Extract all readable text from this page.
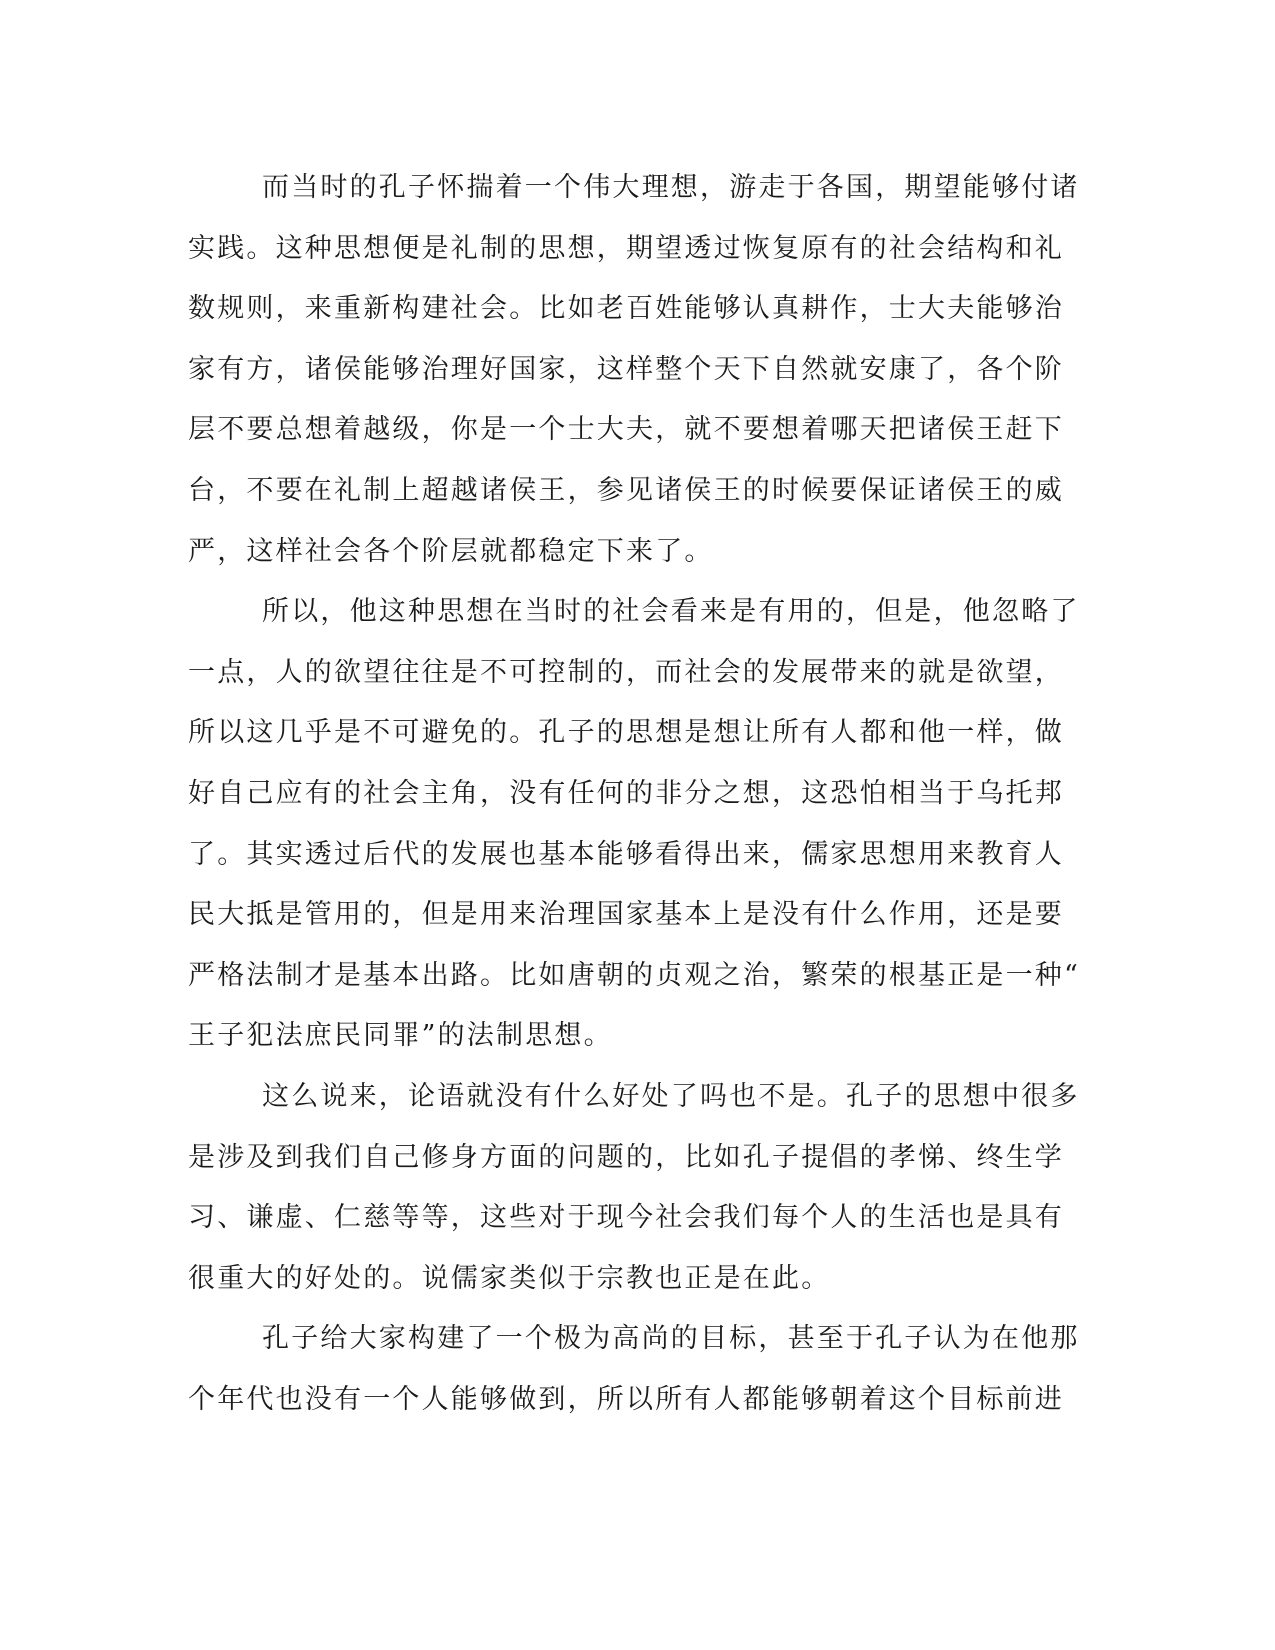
而当时的孔子怀揣着一个伟大理想，游走于各国，期望能够付诸
实践。这种思想便是礼制的思想，期望透过恢复原有的社会结构和礼
数规则，来重新构建社会。比如老百姓能够认真耕作，士大夫能够治
家有方，诸侯能够治理好国家，这样整个天下自然就安康了，各个阶
层不要总想着越级，你是一个士大夫，就不要想着哪天把诸侯王赶下
台，不要在礼制上超越诸侯王，参见诸侯王的时候要保证诸侯王的威
严，这样社会各个阶层就都稳定下来了。
所以，他这种思想在当时的社会看来是有用的，但是，他忽略了
一点，人的欲望往往是不可控制的，而社会的发展带来的就是欲望，
所以这几乎是不可避免的。孔子的思想是想让所有人都和他一样，做
好自己应有的社会主角，没有任何的非分之想，这恐怕相当于乌托邦
了。其实透过后代的发展也基本能够看得出来，儒家思想用来教育人
民大抵是管用的，但是用来治理国家基本上是没有什么作用，还是要
严格法制才是基本出路。比如唐朝的贞观之治，繁荣的根基正是一种“
王子犯法庶民同罪”的法制思想。
这么说来，论语就没有什么好处了吗也不是。孔子的思想中很多
是涉及到我们自己修身方面的问题的，比如孔子提倡的孝悌、终生学
习、谦虚、仁慈等等，这些对于现今社会我们每个人的生活也是具有
很重大的好处的。说儒家类似于宗教也正是在此。
孔子给大家构建了一个极为高尚的目标，甚至于孔子认为在他那
个年代也没有一个人能够做到，所以所有人都能够朝着这个目标前进
